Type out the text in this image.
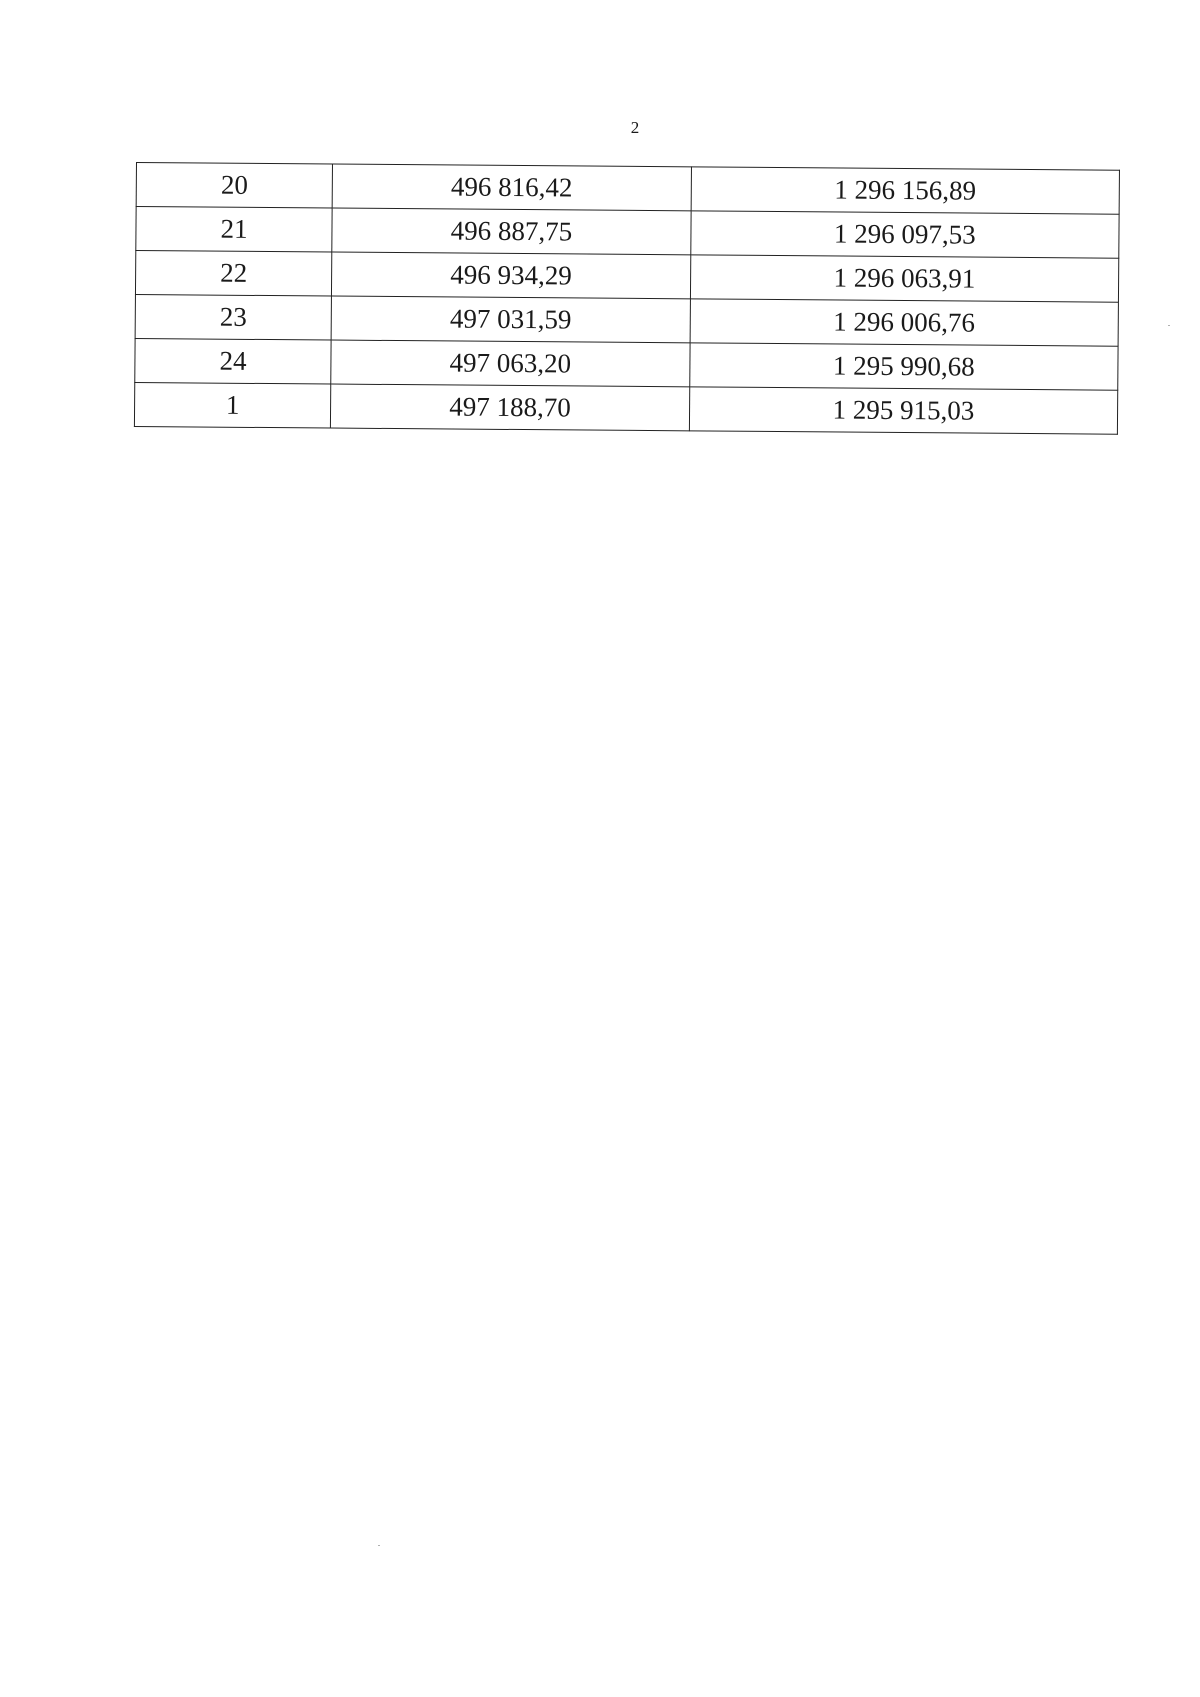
2
20	496 816,42	1 296 156,89
21	496 887,75	1 296 097,53
22	496 934,29	1 296 063,91
23	497 031,59	1 296 006,76
24	497 063,20	1 295 990,68
1	497 188,70	1 295 915,03
